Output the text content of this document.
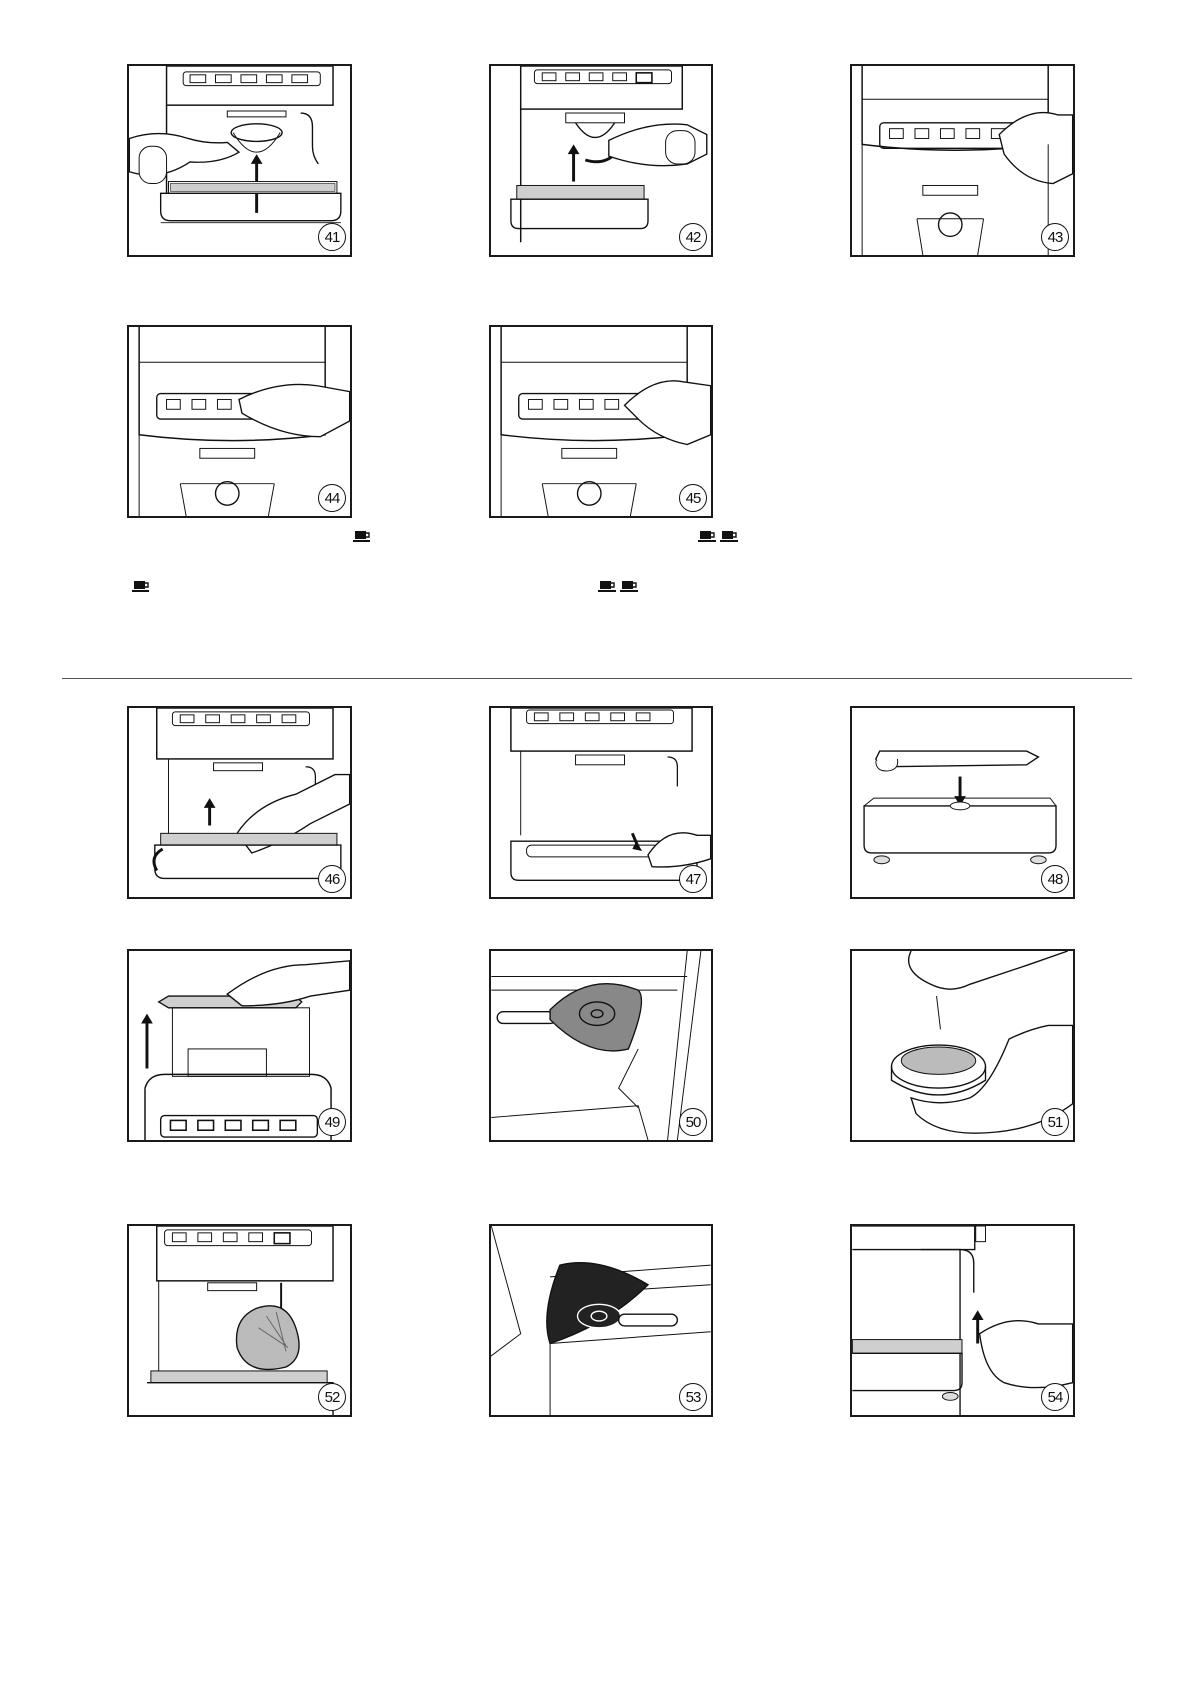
41	42	43
44	45
46	47	48
49	50	51
52	53	54
